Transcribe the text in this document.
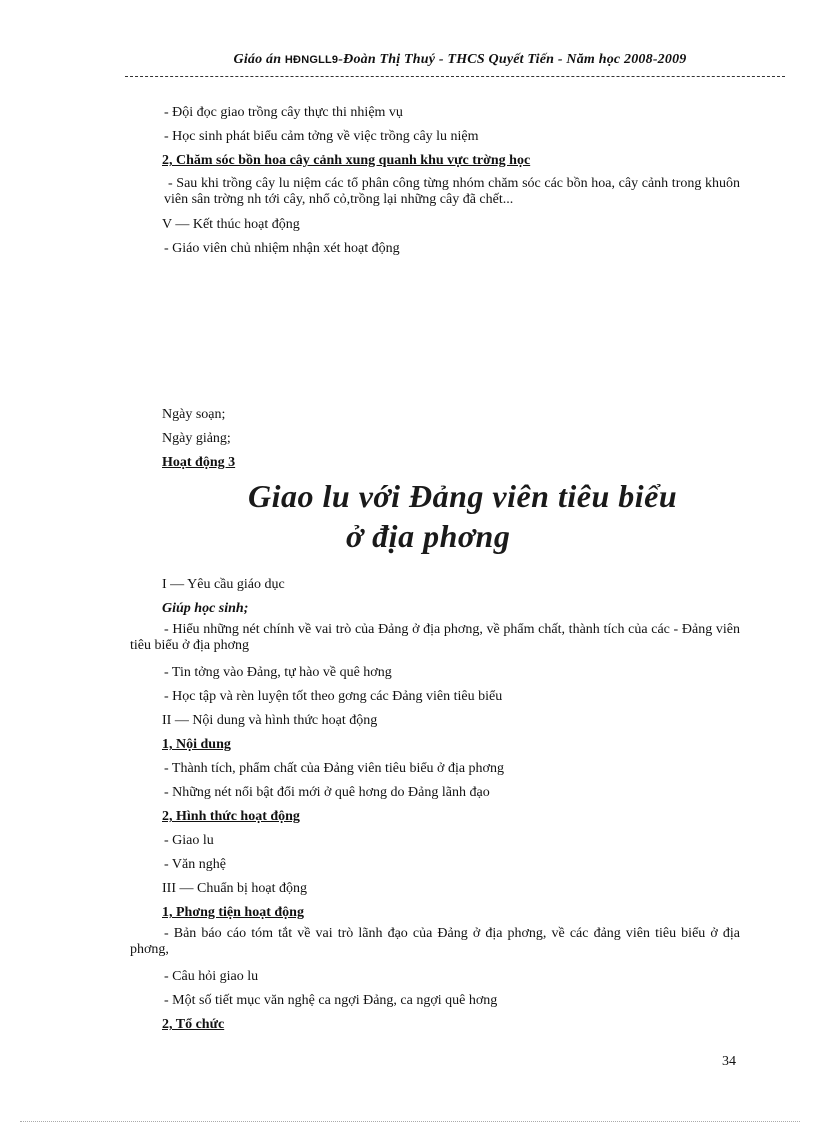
Giáo án HĐNGLL9-Đoàn Thị Thuý - THCS Quyết Tiến - Năm học 2008-2009
- Đội đọc giao trồng cây thực thi nhiệm vụ
- Học sinh phát biểu cảm tởng về việc trồng cây lu niệm
2, Chăm sóc bồn hoa cây cảnh xung quanh khu vực trờng học
- Sau khi trồng cây lu niệm các tổ phân công từng nhóm chăm sóc các bồn hoa, cây cảnh trong khuôn viên sân trờng nh tới cây, nhổ cỏ,trồng lại những cây đã chết...
V — Kết thúc hoạt động
- Giáo viên chủ nhiệm nhận xét hoạt động
Ngày soạn;
Ngày giảng;
Hoạt động 3
Giao lu với Đảng viên tiêu biểu
ở địa phơng
I — Yêu cầu giáo dục
Giúp học sinh;
- Hiểu những nét chính về vai trò của Đảng ở địa phơng, về phẩm chất, thành tích của các - Đảng viên tiêu biểu ở địa phơng
- Tin tởng vào Đảng, tự hào về quê hơng
- Học tập và rèn luyện tốt theo gơng các Đảng viên tiêu biểu
II — Nội dung và hình thức hoạt động
1, Nội dung
- Thành tích, phẩm chất của Đảng viên tiêu biểu ở địa phơng
- Những nét nổi bật đổi mới ở quê hơng do Đảng lãnh đạo
2, Hình thức hoạt động
- Giao lu
- Văn nghệ
III — Chuẩn bị hoạt động
1, Phơng tiện hoạt động
- Bản báo cáo tóm tắt về vai trò lãnh đạo của Đảng ở địa phơng, về các đảng viên tiêu biểu ở địa phơng,
- Câu hỏi giao lu
- Một số tiết mục văn nghệ ca ngợi Đảng, ca ngợi quê hơng
2, Tổ chức
34
